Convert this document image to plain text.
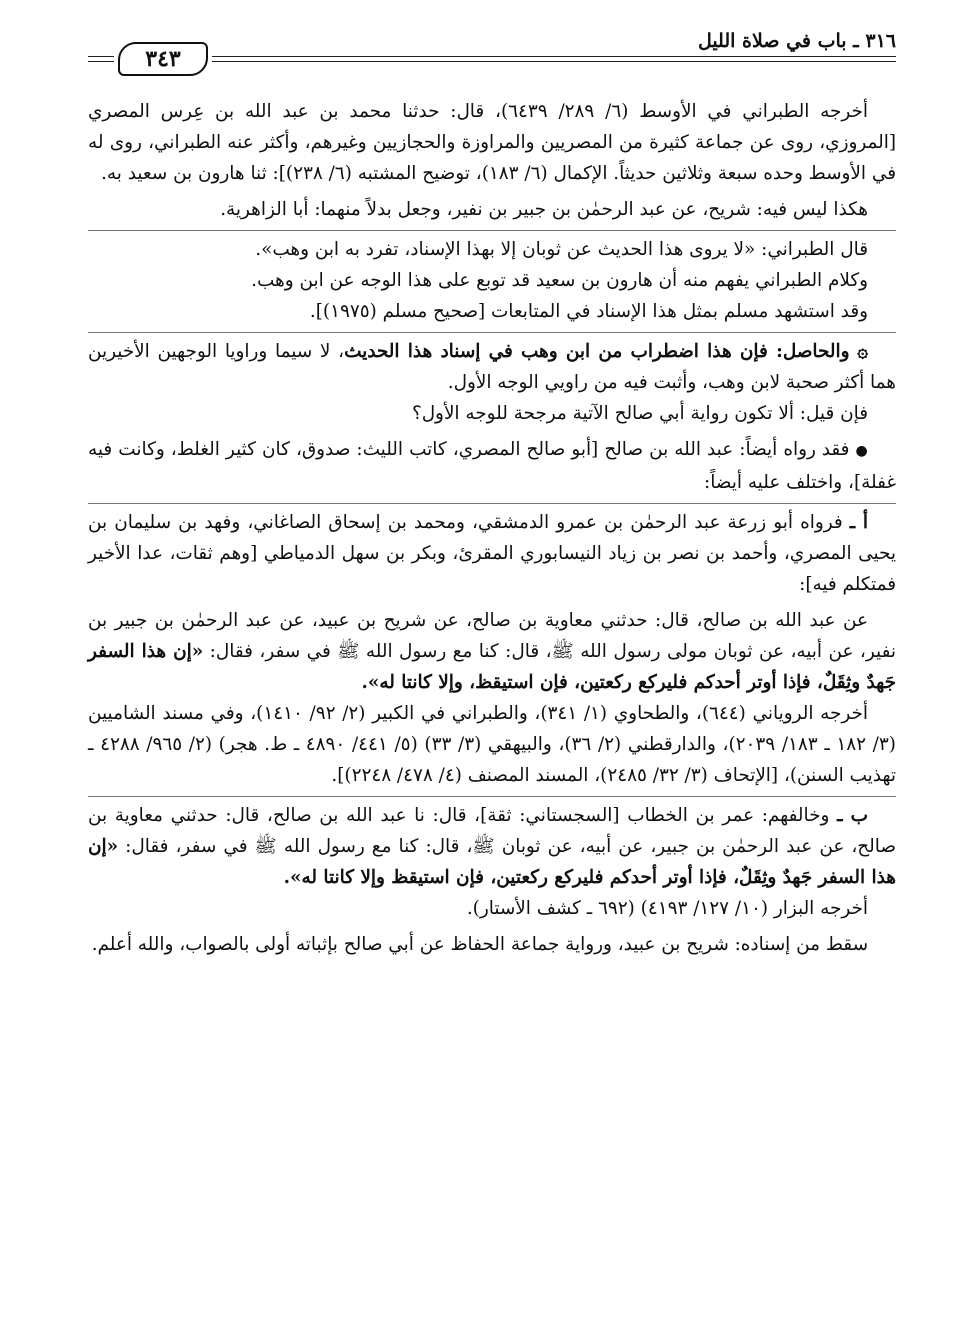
٣١٦ ـ باب في صلاة الليل
٣٤٣

أخرجه الطبراني في الأوسط (٦/ ٢٨٩/ ٦٤٣٩)، قال: حدثنا محمد بن عبد الله بن عِرس المصري [المروزي، روى عن جماعة كثيرة من المصريين والمراوزة والحجازيين وغيرهم، وأكثر عنه الطبراني، روى له في الأوسط وحده سبعة وثلاثين حديثاً. الإكمال (٦/ ١٨٣)، توضيح المشتبه (٦/ ٢٣٨)]: ثنا هارون بن سعيد به.

هكذا ليس فيه: شريح، عن عبد الرحمٰن بن جبير بن نفير، وجعل بدلاً منهما: أبا الزاهرية.

قال الطبراني: «لا يروى هذا الحديث عن ثوبان إلا بهذا الإسناد، تفرد به ابن وهب».

وكلام الطبراني يفهم منه أن هارون بن سعيد قد توبع على هذا الوجه عن ابن وهب.

وقد استشهد مسلم بمثل هذا الإسناد في المتابعات [صحيح مسلم (١٩٧٥)].

۞ والحاصل: فإن هذا اضطراب من ابن وهب في إسناد هذا الحديث، لا سيما وراويا الوجهين الأخيرين هما أكثر صحبة لابن وهب، وأثبت فيه من راويي الوجه الأول.

فإن قيل: ألا تكون رواية أبي صالح الآتية مرجحة للوجه الأول؟

● فقد رواه أيضاً: عبد الله بن صالح [أبو صالح المصري، كاتب الليث: صدوق، كان كثير الغلط، وكانت فيه غفلة]، واختلف عليه أيضاً:

أ ـ فرواه أبو زرعة عبد الرحمٰن بن عمرو الدمشقي، ومحمد بن إسحاق الصاغاني، وفهد بن سليمان بن يحيى المصري، وأحمد بن نصر بن زياد النيسابوري المقرئ، وبكر بن سهل الدمياطي [وهم ثقات، عدا الأخير فمتكلم فيه]:

عن عبد الله بن صالح، قال: حدثني معاوية بن صالح، عن شريح بن عبيد، عن عبد الرحمٰن بن جبير بن نفير، عن أبيه، عن ثوبان مولى رسول الله ﷺ، قال: كنا مع رسول الله ﷺ في سفر، فقال: «إن هذا السفر جَهدٌ وثِقَلٌ، فإذا أوتر أحدكم فليركع ركعتين، فإن استيقظ، وإلا كانتا له».

أخرجه الروياني (٦٤٤)، والطحاوي (١/ ٣٤١)، والطبراني في الكبير (٢/ ٩٢/ ١٤١٠)، وفي مسند الشاميين (٣/ ١٨٢ ـ ١٨٣/ ٢٠٣٩)، والدارقطني (٢/ ٣٦)، والبيهقي (٣/ ٣٣) (٥/ ٤٤١/ ٤٨٩٠ ـ ط. هجر) (٢/ ٩٦٥/ ٤٢٨٨ ـ تهذيب السنن)، [الإتحاف (٣/ ٣٢/ ٢٤٨٥)، المسند المصنف (٤/ ٤٧٨/ ٢٢٤٨)].

ب ـ وخالفهم: عمر بن الخطاب [السجستاني: ثقة]، قال: نا عبد الله بن صالح، قال: حدثني معاوية بن صالح، عن عبد الرحمٰن بن جبير، عن أبيه، عن ثوبان ﷺ، قال: كنا مع رسول الله ﷺ في سفر، فقال: «إن هذا السفر جَهدٌ وثِقَلٌ، فإذا أوتر أحدكم فليركع ركعتين، فإن استيقظ وإلا كانتا له».

أخرجه البزار (١٠/ ١٢٧/ ٤١٩٣) (٦٩٢ ـ كشف الأستار).

سقط من إسناده: شريح بن عبيد، ورواية جماعة الحفاظ عن أبي صالح بإثباته أولى بالصواب، والله أعلم.
